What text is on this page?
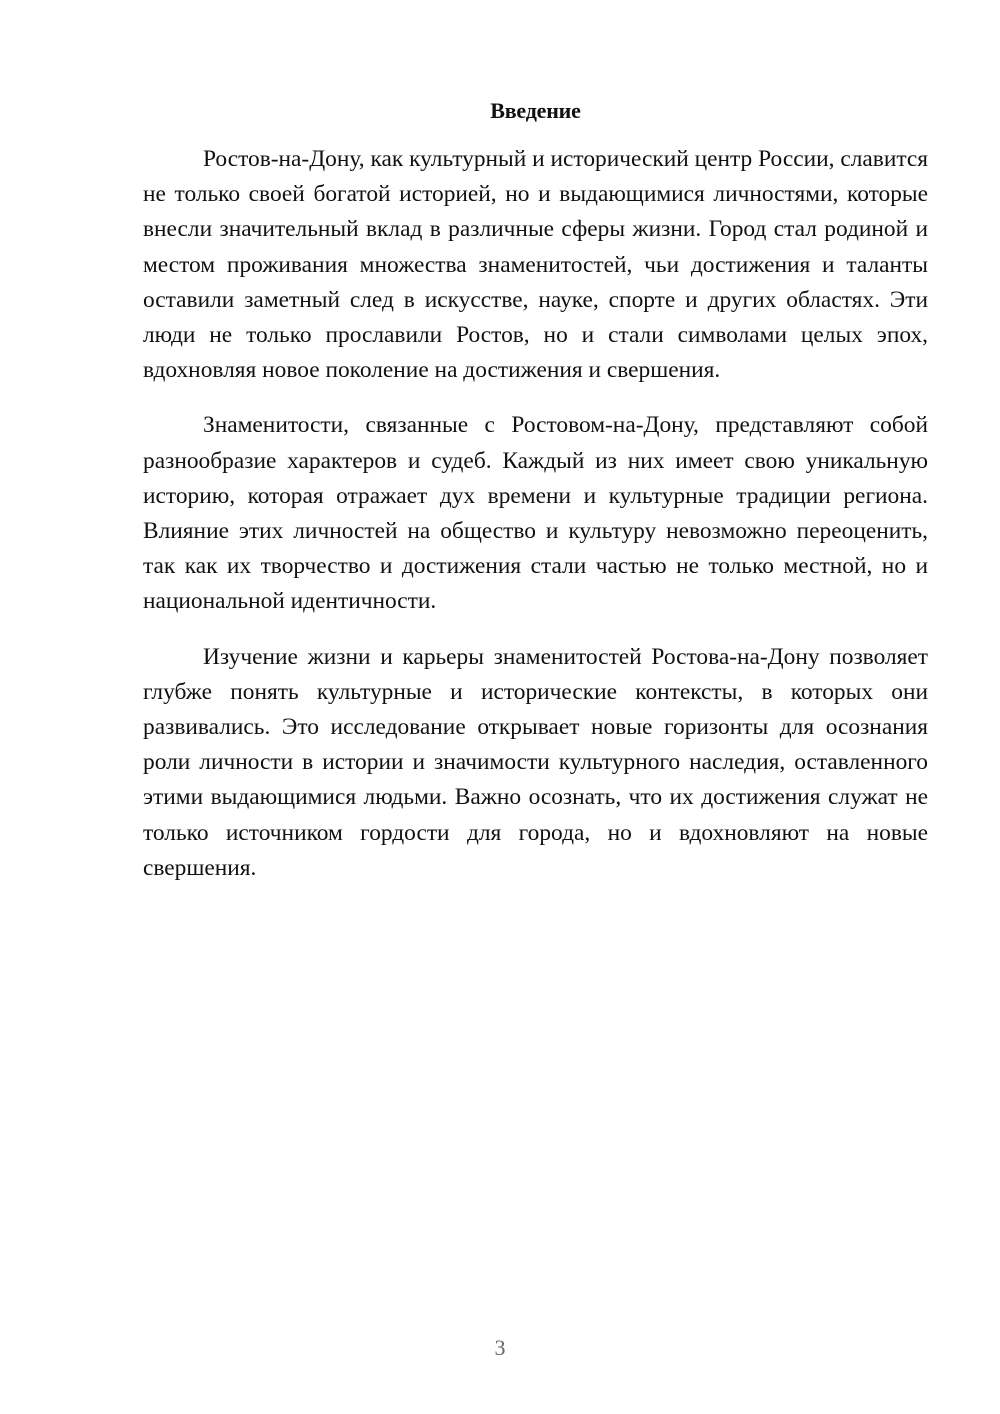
Введение

Ростов-на-Дону, как культурный и исторический центр России, славится не только своей богатой историей, но и выдающимися личностями, которые внесли значительный вклад в различные сферы жизни. Город стал родиной и местом проживания множества знаменитостей, чьи достижения и таланты оставили заметный след в искусстве, науке, спорте и других областях. Эти люди не только прославили Ростов, но и стали символами целых эпох, вдохновляя новое поколение на достижения и свершения.

Знаменитости, связанные с Ростовом-на-Дону, представляют собой разнообразие характеров и судеб. Каждый из них имеет свою уникальную историю, которая отражает дух времени и культурные традиции региона. Влияние этих личностей на общество и культуру невозможно переоценить, так как их творчество и достижения стали частью не только местной, но и национальной идентичности.

Изучение жизни и карьеры знаменитостей Ростова-на-Дону позволяет глубже понять культурные и исторические контексты, в которых они развивались. Это исследование открывает новые горизонты для осознания роли личности в истории и значимости культурного наследия, оставленного этими выдающимися людьми. Важно осознать, что их достижения служат не только источником гордости для города, но и вдохновляют на новые свершения.

3
